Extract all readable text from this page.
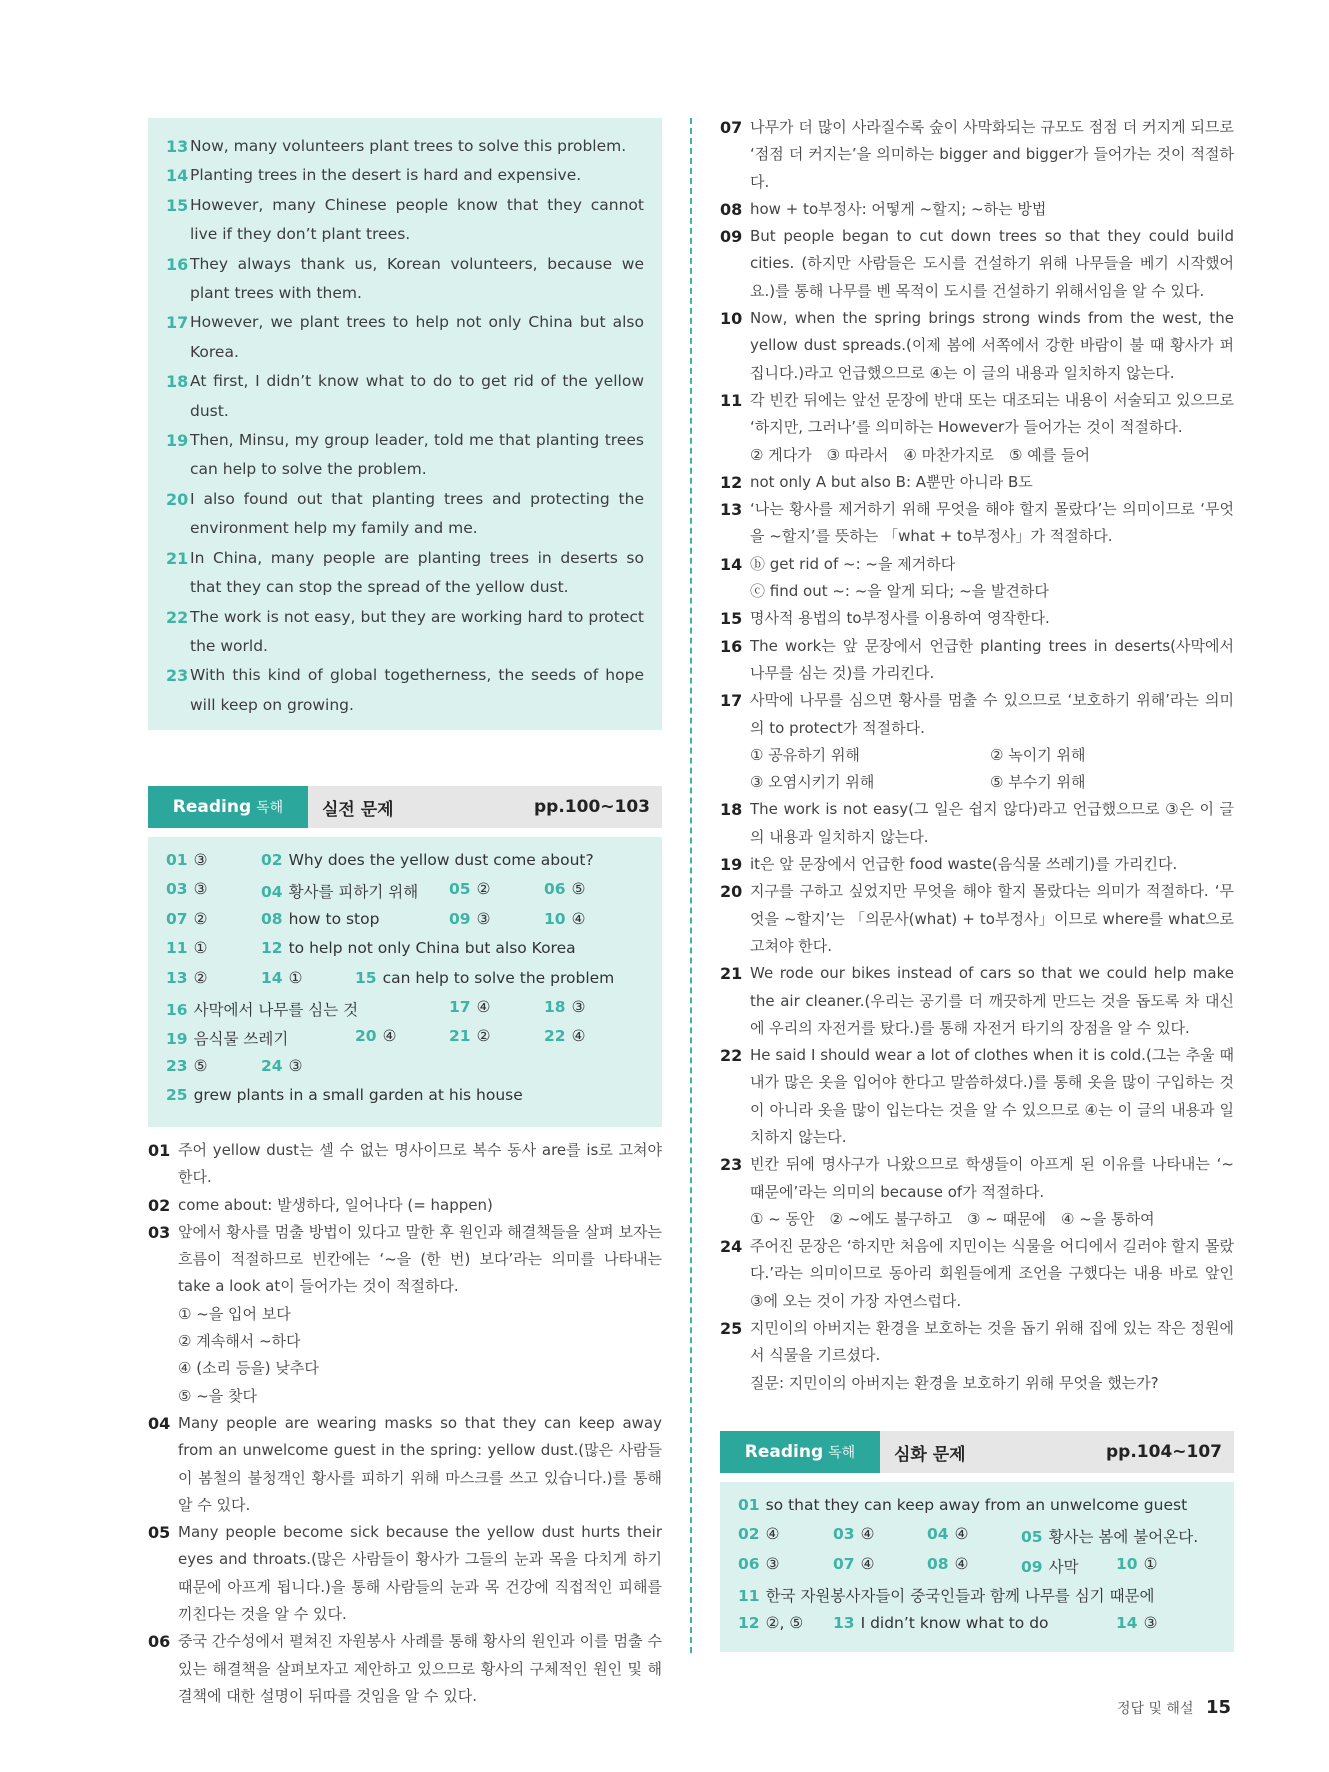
13 Now, many volunteers plant trees to solve this problem.
14 Planting trees in the desert is hard and expensive.
15 However, many Chinese people know that they cannot live if they don’t plant trees.
16 They always thank us, Korean volunteers, because we plant trees with them.
17 However, we plant trees to help not only China but also Korea.
18 At first, I didn’t know what to do to get rid of the yellow dust.
19 Then, Minsu, my group leader, told me that planting trees can help to solve the problem.
20 I also found out that planting trees and protecting the environment help my family and me.
21 In China, many people are planting trees in deserts so that they can stop the spread of the yellow dust.
22 The work is not easy, but they are working hard to protect the world.
23 With this kind of global togetherness, the seeds of hope will keep on growing.
Reading 독해 실전 문제	pp.100~103
01 ③	02 Why does the yellow dust come about?
03 ③	04 황사를 피하기 위해 05 ②	06 ⑤
07 ②	08 how to stop	09 ③	10 ④
11 ①	12 to help not only China but also Korea
13 ②	14 ①	15 can help to solve the problem
16 사막에서 나무를 심는 것	17 ④	18 ③
19 음식물 쓰레기	20 ④	21 ②	22 ④
23 ⑤	24 ③
25 grew plants in a small garden at his house
01 주어 yellow dust는 셀 수 없는 명사이므로 복수 동사 are를 is로 고쳐야 한다.
02 come about: 발생하다, 일어나다 (= happen)
03 앞에서 황사를 멈출 방법이 있다고 말한 후 원인과 해결책들을 살펴 보자는 흐름이 적절하므로 빈칸에는 ‘~을 (한 번) 보다’라는 의미를 나타내는 take a look at이 들어가는 것이 적절하다.
① ~을 입어 보다
② 계속해서 ~하다
④ (소리 등을) 낮추다
⑤ ~을 찾다
04 Many people are wearing masks so that they can keep away from an unwelcome guest in the spring: yellow dust.(많은 사람들이 봄철의 불청객인 황사를 피하기 위해 마스크를 쓰고 있습니다.)를 통해 알 수 있다.
05 Many people become sick because the yellow dust hurts their eyes and throats.(많은 사람들이 황사가 그들의 눈과 목을 다치게 하기 때문에 아프게 됩니다.)을 통해 사람들의 눈과 목 건강에 직접적인 피해를 끼친다는 것을 알 수 있다.
06 중국 간수성에서 펼쳐진 자원봉사 사례를 통해 황사의 원인과 이를 멈출 수 있는 해결책을 살펴보자고 제안하고 있으므로 황사의 구체적인 원인 및 해결책에 대한 설명이 뒤따를 것임을 알 수 있다.
07 나무가 더 많이 사라질수록 숲이 사막화되는 규모도 점점 더 커지게 되므로 ‘점점 더 커지는’을 의미하는 bigger and bigger가 들어가는 것이 적절하다.
08 how + to부정사: 어떻게 ~할지; ~하는 방법
09 But people began to cut down trees so that they could build cities. (하지만 사람들은 도시를 건설하기 위해 나무들을 베기 시작했어요.)를 통해 나무를 벤 목적이 도시를 건설하기 위해서임을 알 수 있다.
10 Now, when the spring brings strong winds from the west, the yellow dust spreads.(이제 봄에 서쪽에서 강한 바람이 불 때 황사가 퍼집니다.)라고 언급했으므로 ④는 이 글의 내용과 일치하지 않는다.
11 각 빈칸 뒤에는 앞선 문장에 반대 또는 대조되는 내용이 서술되고 있으므로 ‘하지만, 그러나’를 의미하는 However가 들어가는 것이 적절하다.
② 게다가　③ 따라서　④ 마찬가지로　⑤ 예를 들어
12 not only A but also B: A뿐만 아니라 B도
13 ‘나는 황사를 제거하기 위해 무엇을 해야 할지 몰랐다’는 의미이므로 ‘무엇을 ~할지’를 뜻하는 「what + to부정사」가 적절하다.
14 ⓑ get rid of ~: ~을 제거하다
ⓒ find out ~: ~을 알게 되다; ~을 발견하다
15 명사적 용법의 to부정사를 이용하여 영작한다.
16 The work는 앞 문장에서 언급한 planting trees in deserts(사막에서 나무를 심는 것)를 가리킨다.
17 사막에 나무를 심으면 황사를 멈출 수 있으므로 ‘보호하기 위해’라는 의미의 to protect가 적절하다.
① 공유하기 위해	② 녹이기 위해
③ 오염시키기 위해	⑤ 부수기 위해
18 The work is not easy(그 일은 쉽지 않다)라고 언급했으므로 ③은 이 글의 내용과 일치하지 않는다.
19 it은 앞 문장에서 언급한 food waste(음식물 쓰레기)를 가리킨다.
20 지구를 구하고 싶었지만 무엇을 해야 할지 몰랐다는 의미가 적절하다. ‘무엇을 ~할지’는 「의문사(what) + to부정사」이므로 where를 what으로 고쳐야 한다.
21 We rode our bikes instead of cars so that we could help make the air cleaner.(우리는 공기를 더 깨끗하게 만드는 것을 돕도록 차 대신에 우리의 자전거를 탔다.)를 통해 자전거 타기의 장점을 알 수 있다.
22 He said I should wear a lot of clothes when it is cold.(그는 추울 때 내가 많은 옷을 입어야 한다고 말씀하셨다.)를 통해 옷을 많이 구입하는 것이 아니라 옷을 많이 입는다는 것을 알 수 있으므로 ④는 이 글의 내용과 일치하지 않는다.
23 빈칸 뒤에 명사구가 나왔으므로 학생들이 아프게 된 이유를 나타내는 ‘~ 때문에’라는 의미의 because of가 적절하다.
① ~ 동안　② ~에도 불구하고　③ ~ 때문에　④ ~을 통하여
24 주어진 문장은 ‘하지만 처음에 지민이는 식물을 어디에서 길러야 할지 몰랐다.’라는 의미이므로 동아리 회원들에게 조언을 구했다는 내용 바로 앞인 ③에 오는 것이 가장 자연스럽다.
25 지민이의 아버지는 환경을 보호하는 것을 돕기 위해 집에 있는 작은 정원에서 식물을 기르셨다.
질문: 지민이의 아버지는 환경을 보호하기 위해 무엇을 했는가?
Reading 독해 심화 문제	pp.104~107
01 so that they can keep away from an unwelcome guest
02 ④	03 ④	04 ④	05 황사는 봄에 불어온다.
06 ③	07 ④	08 ④	09 사막 10 ①
11 한국 자원봉사자들이 중국인들과 함께 나무를 심기 때문에
12 ②, ⑤ 13 I didn’t know what to do	14 ③
정답 및 해설 15
